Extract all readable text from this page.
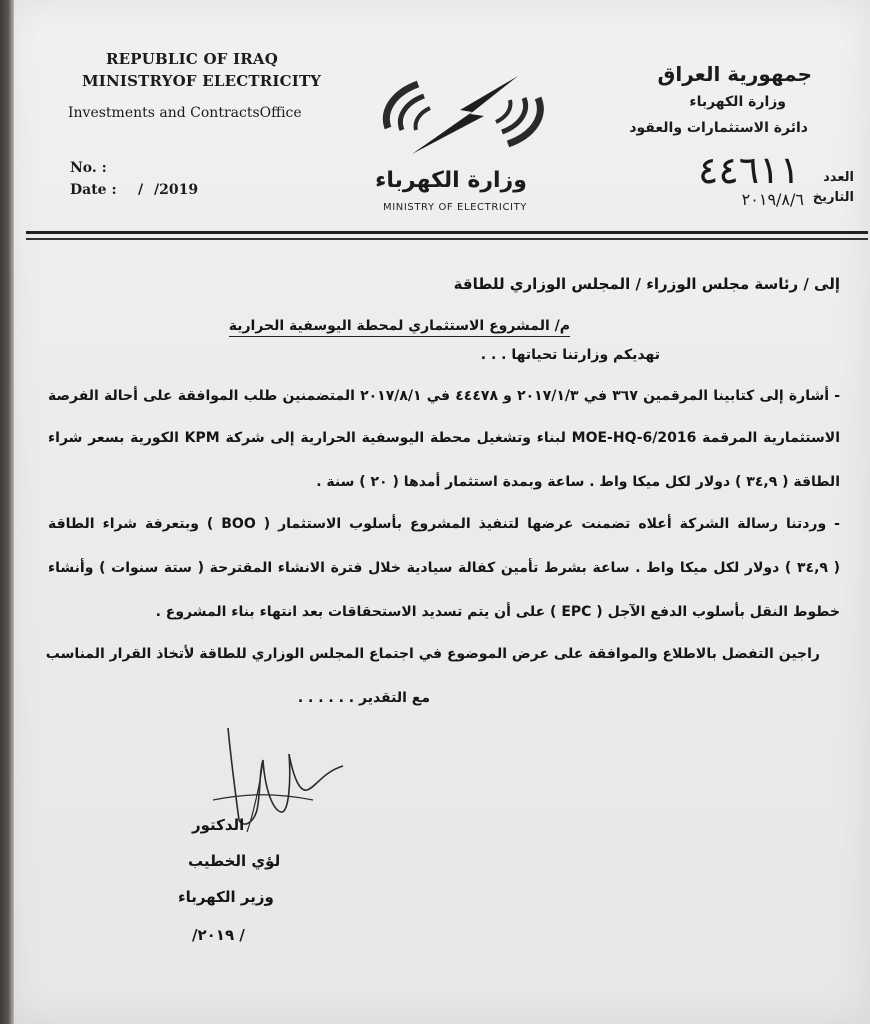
REPUBLIC OF IRAQ
MINISTRYOF ELECTRICITY
Investments and ContractsOffice
No. :
Date : / /2019	وزارة الكهرباء
MINISTRY OF ELECTRICITY
جمهورية العراق
وزارة الكهرباء
دائرة الاستثمارات والعقود
العدد
التاريخ
٤٤٦١١
٢٠١٩/٨/٦
إلى / رئاسة مجلس الوزراء / المجلس الوزاري للطاقة
م/ المشروع الاستثماري لمحطة اليوسفية الحرارية
تهديكم وزارتنا تحياتها . . .
- أشارة إلى كتابينا المرقمين ٣٦٧ في ٢٠١٧/١/٣ و ٤٤٤٧٨ في ٢٠١٧/٨/١ المتضمنين طلب الموافقة على أحالة الفرصة
الاستثمارية المرقمة MOE-HQ-6/2016 لبناء وتشغيل محطة اليوسفية الحرارية إلى شركة KPM الكورية بسعر شراء
الطاقة ( ٣٤,٩ ) دولار لكل ميكا واط . ساعة وبمدة استثمار أمدها ( ٢٠ ) سنة .
- وردتنا رسالة الشركة أعلاه تضمنت عرضها لتنفيذ المشروع بأسلوب الاستثمار ( BOO ) وبتعرفة شراء الطاقة
( ٣٤,٩ ) دولار لكل ميكا واط . ساعة بشرط تأمين كفالة سيادية خلال فترة الانشاء المقترحة ( ستة سنوات ) وأنشاء
خطوط النقل بأسلوب الدفع الآجل ( EPC ) على أن يتم تسديد الاستحقاقات بعد انتهاء بناء المشروع .
راجين التفضل بالاطلاع والموافقة على عرض الموضوع في اجتماع المجلس الوزاري للطاقة لأتخاذ القرار المناسب
مع التقدير . . . . . .
الدكتور
لؤي الخطيب
وزير الكهرباء
/ ٢٠١٩/
